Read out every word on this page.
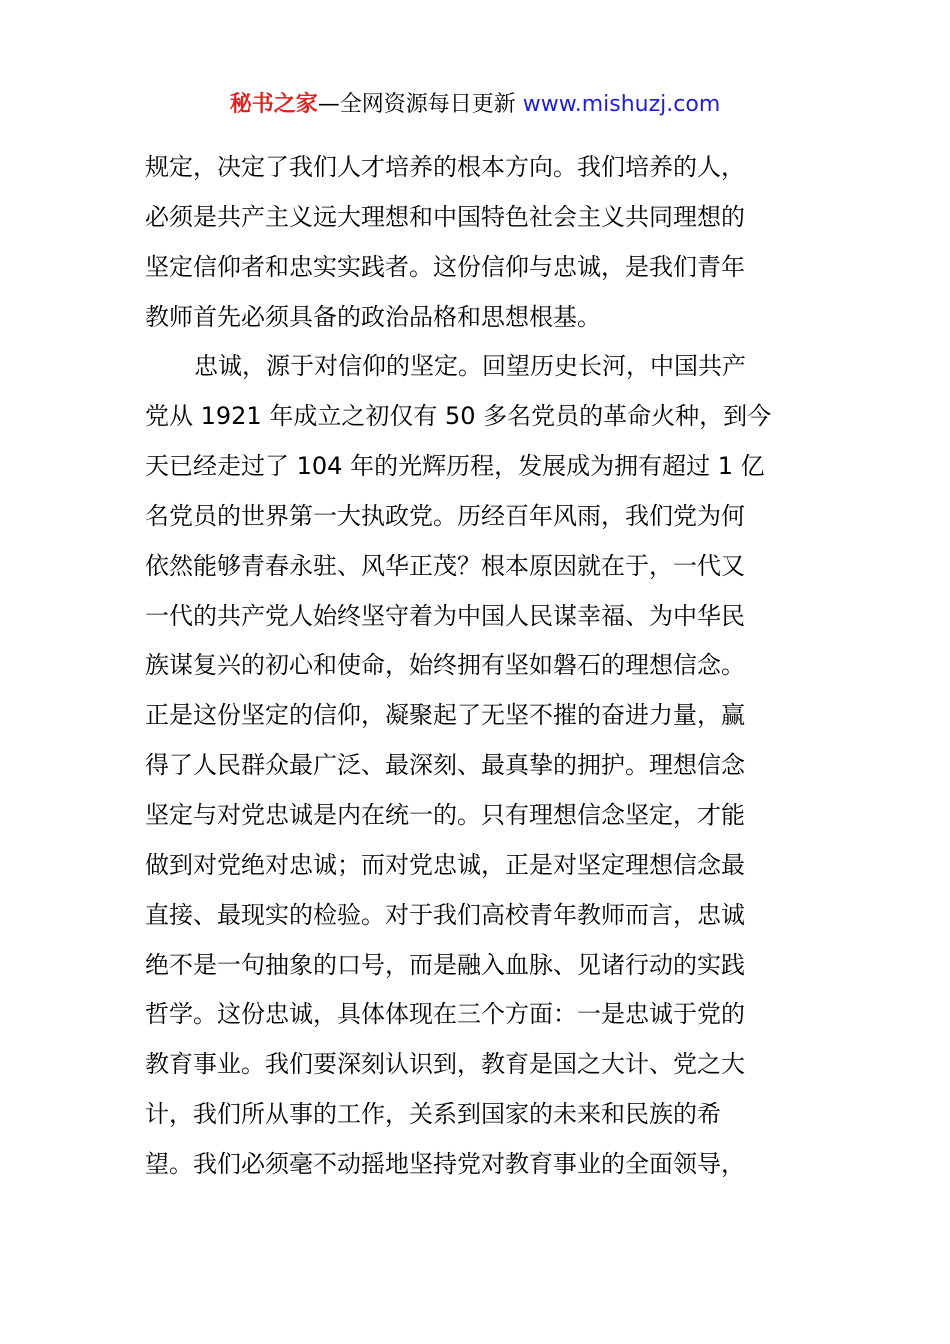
秘书之家—全网资源每日更新 www.mishuzj.com
规定，决定了我们人才培养的根本方向。我们培养的人，
必须是共产主义远大理想和中国特色社会主义共同理想的
坚定信仰者和忠实实践者。这份信仰与忠诚，是我们青年
教师首先必须具备的政治品格和思想根基。
忠诚，源于对信仰的坚定。回望历史长河，中国共产
党从 1921 年成立之初仅有 50 多名党员的革命火种，到今
天已经走过了 104 年的光辉历程，发展成为拥有超过 1 亿
名党员的世界第一大执政党。历经百年风雨，我们党为何
依然能够青春永驻、风华正茂？根本原因就在于，一代又
一代的共产党人始终坚守着为中国人民谋幸福、为中华民
族谋复兴的初心和使命，始终拥有坚如磐石的理想信念。
正是这份坚定的信仰，凝聚起了无坚不摧的奋进力量，赢
得了人民群众最广泛、最深刻、最真挚的拥护。理想信念
坚定与对党忠诚是内在统一的。只有理想信念坚定，才能
做到对党绝对忠诚；而对党忠诚，正是对坚定理想信念最
直接、最现实的检验。对于我们高校青年教师而言，忠诚
绝不是一句抽象的口号，而是融入血脉、见诸行动的实践
哲学。这份忠诚，具体体现在三个方面：一是忠诚于党的
教育事业。我们要深刻认识到，教育是国之大计、党之大
计，我们所从事的工作，关系到国家的未来和民族的希
望。我们必须毫不动摇地坚持党对教育事业的全面领导，
